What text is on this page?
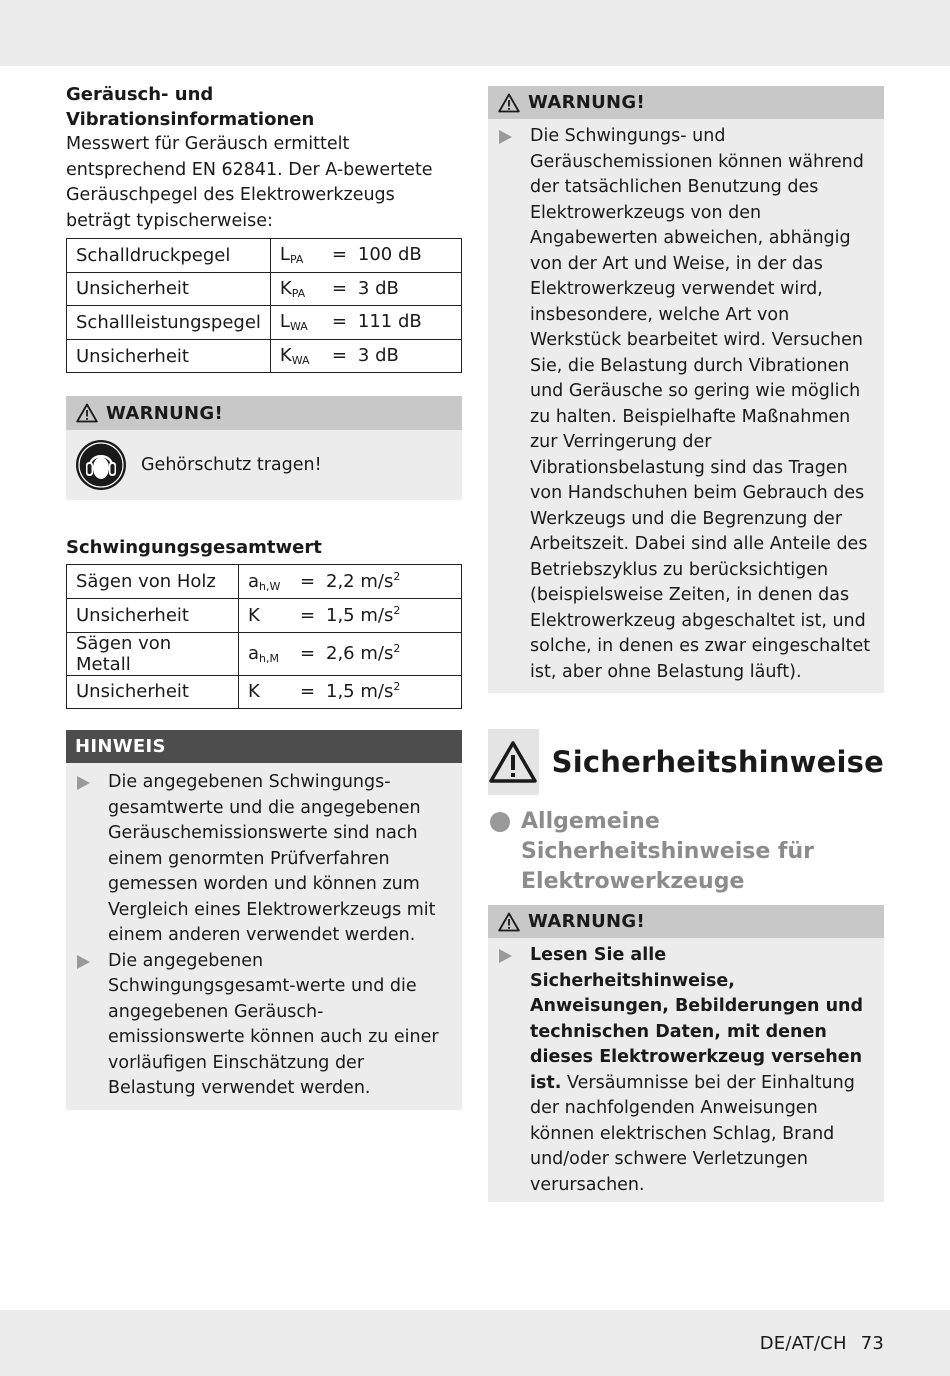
Geräusch- und Vibrationsinformationen
Messwert für Geräusch ermittelt entsprechend EN 62841. Der A-bewertete Geräuschpegel des Elektrowerkzeugs beträgt typischerweise:
Schalldruckpegel	$L_{PA} = 100$ dB
Unsicherheit	$K_{PA} = 3$ dB
Schallleistungspegel	$L_{WA} = 111$ dB
Unsicherheit	$K_{WA} = 3$ dB
WARNUNG!
Gehörschutz tragen!
Schwingungsgesamtwert
Sägen von Holz	$a_{h,W} = 2,2$ $m/s^2$
Unsicherheit	K = 1,5 $m/s^2$
Sägen von Metall	$a_{h,M} = 2,6$ $m/s^2$
Unsicherheit	K = 1,5 $m/s^2$
HINWEIS
Die angegebenen Schwingungs-gesamtwerte und die angegebenen Geräuschemissionswerte sind nach einem genormten Prüfverfahren gemessen worden und können zum Vergleich eines Elektrowerkzeugs mit einem anderen verwendet werden.
Die angegebenen Schwingungsgesamt-werte und die angegebenen Geräusch-emissionswerte können auch zu einer vorläufigen Einschätzung der Belastung verwendet werden.
WARNUNG!
Die Schwingungs- und Geräuschemissionen können während der tatsächlichen Benutzung des Elektrowerkzeugs von den Angabewerten abweichen, abhängig von der Art und Weise, in der das Elektrowerkzeug verwendet wird, insbesondere, welche Art von Werkstück bearbeitet wird. Versuchen Sie, die Belastung durch Vibrationen und Geräusche so gering wie möglich zu halten. Beispielhafte Maßnahmen zur Verringerung der Vibrationsbelastung sind das Tragen von Handschuhen beim Gebrauch des Werkzeugs und die Begrenzung der Arbeitszeit. Dabei sind alle Anteile des Betriebszyklus zu berücksichtigen (beispielsweise Zeiten, in denen das Elektrowerkzeug abgeschaltet ist, und solche, in denen es zwar eingeschaltet ist, aber ohne Belastung läuft).
Sicherheitshinweise
Allgemeine Sicherheitshinweise für Elektrowerkzeuge
WARNUNG!
Lesen Sie alle Sicherheitshinweise, Anweisungen, Bebilderungen und technischen Daten, mit denen dieses Elektrowerkzeug versehen ist. Versäumnisse bei der Einhaltung der nachfolgenden Anweisungen können elektrischen Schlag, Brand und/oder schwere Verletzungen verursachen.
DE/AT/CH 73
